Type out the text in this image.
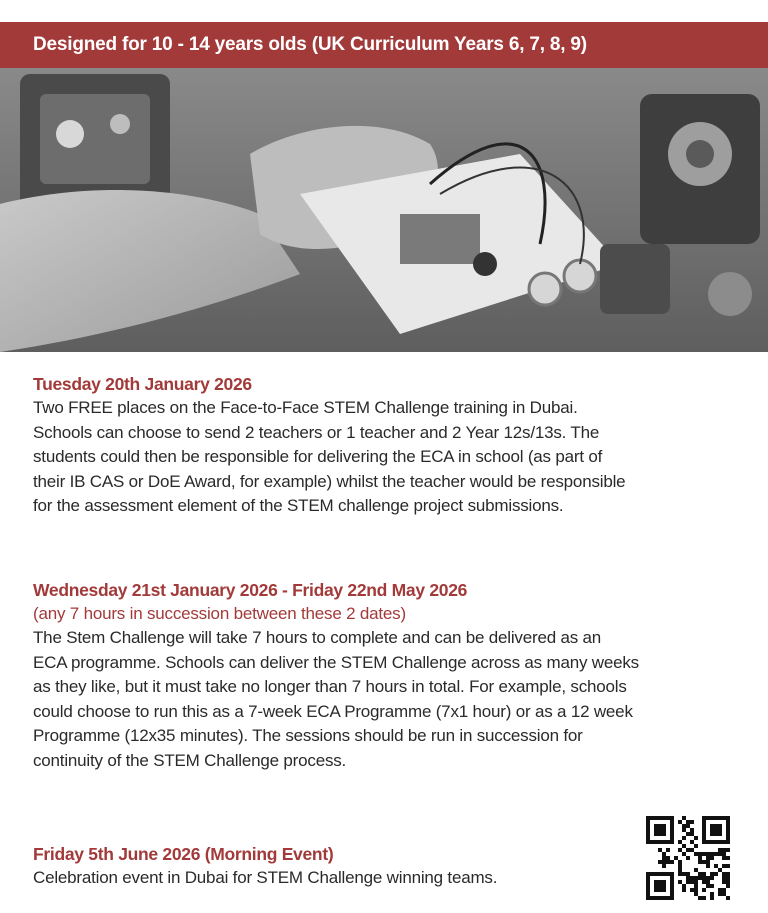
Designed for 10 - 14 years olds (UK Curriculum Years 6, 7, 8, 9)
Tuesday 20th January 2026

Two FREE places on the Face-to-Face STEM Challenge training in Dubai.

Schools can choose to send 2 teachers or 1 teacher and 2 Year 12s/13s. The

students could then be responsible for delivering the ECA in school (as part of

their IB CAS or DoE Award, for example) whilst the teacher would be responsible

for the assessment element of the STEM challenge project submissions.

Wednesday 21st January 2026 - Friday 22nd May 2026
(any 7 hours in succession between these 2 dates)

The Stem Challenge will take 7 hours to complete and can be delivered as an

ECA programme. Schools can deliver the STEM Challenge across as many weeks

as they like, but it must take no longer than 7 hours in total. For example, schools

could choose to run this as a 7-week ECA Programme (7x1 hour) or as a 12 week

Programme (12x35 minutes). The sessions should be run in succession for

continuity of the STEM Challenge process.

Friday 5th June 2026 (Morning Event)

Celebration event in Dubai for STEM Challenge winning teams.
